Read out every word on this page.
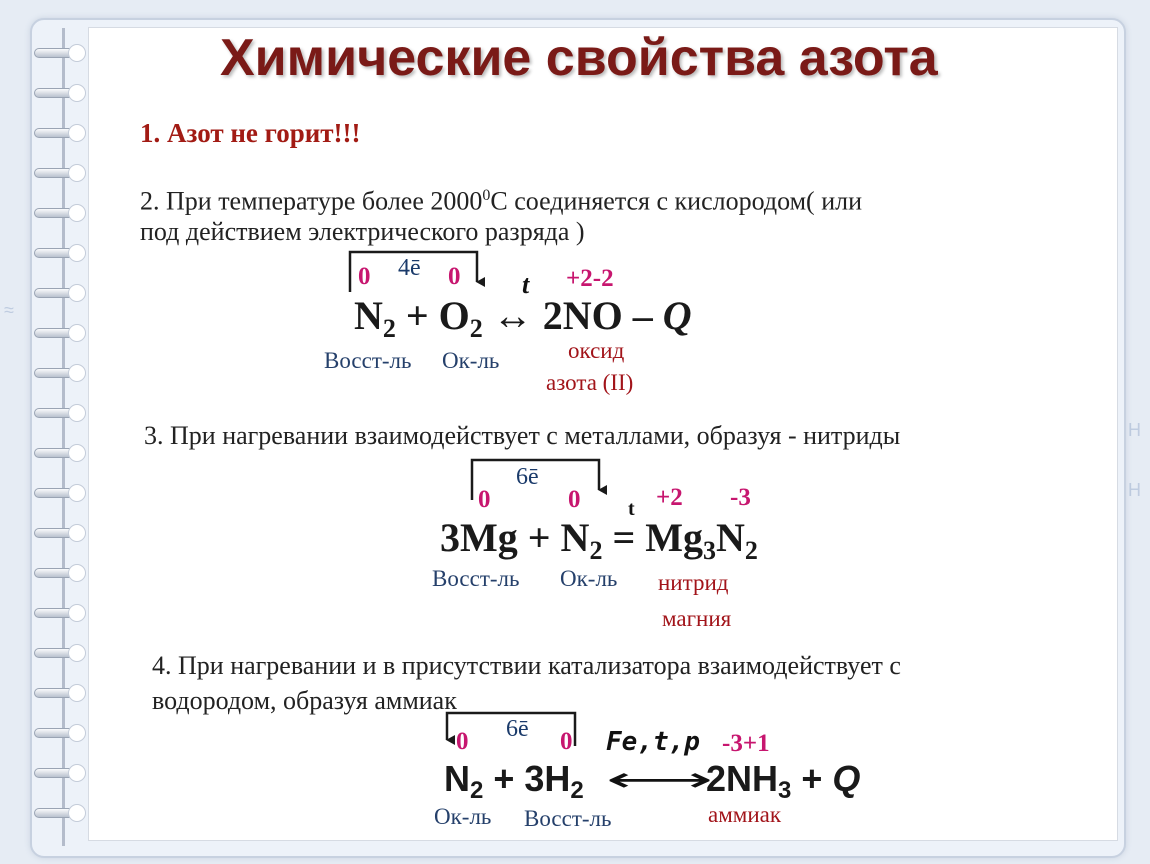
H
H
≈
Химические свойства азота
1. Азот не горит!!!
2. При температуре более 2000$^0$С соединяется с кислородом( или
под действием электрического разряда )
0 4ē 0 t +2-2
$N_2 + O_2$ ↔ 2NO – Q
Восст-ль Ок-ль	оксид
азота (II)
3. При нагревании взаимодействует с металлами, образуя - нитриды
6ē
0	0 t +2 -3
$3Mg + N_2 = Mg_3N_2$
Восст-ль Ок-ль нитрид
магния
4. При нагревании и в присутствии катализатора взаимодействует с
водородом, образуя аммиак
6ē
0	0 Fe,t,p -3+1
$N_2 + 3H_2$ ⟷
$2NH_3 + Q$
Ок-ль Восст-ль	аммиак
